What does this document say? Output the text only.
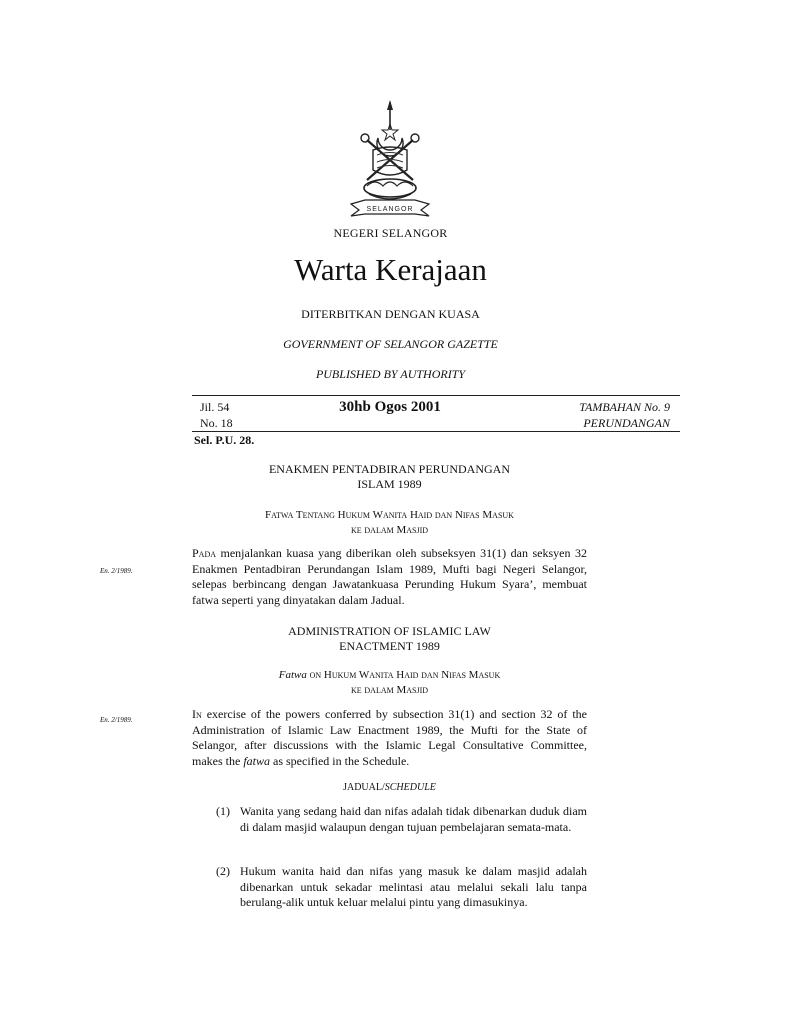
SELANGOR
NEGERI SELANGOR
Warta Kerajaan
DITERBITKAN DENGAN KUASA
GOVERNMENT OF SELANGOR GAZETTE
PUBLISHED BY AUTHORITY
Jil. 54
No. 18
30hb Ogos 2001	TAMBAHAN No. 9
PERUNDANGAN
Sel. P.U. 28.
ENAKMEN PENTADBIRAN PERUNDANGAN
ISLAM 1989
Fatwa Tentang Hukum Wanita Haid dan Nifas Masuk
ke dalam Masjid
En. 2/1989.
Pada menjalankan kuasa yang diberikan oleh subseksyen 31(1) dan seksyen 32 Enakmen Pentadbiran Perundangan Islam 1989, Mufti bagi Negeri Selangor, selepas berbincang dengan Jawatankuasa Perunding Hukum Syara’, membuat fatwa seperti yang dinyatakan dalam Jadual.
ADMINISTRATION OF ISLAMIC LAW
ENACTMENT 1989
Fatwa on Hukum Wanita Haid dan Nifas Masuk
ke dalam Masjid
En. 2/1989.	In exercise of the powers conferred by subsection 31(1) and section 32 of the Administration of Islamic Law Enactment 1989, the Mufti for the State of Selangor, after discussions with the Islamic Legal Consultative Committee, makes the fatwa as specified in the Schedule.
JADUAL/SCHEDULE
(1) Wanita yang sedang haid dan nifas adalah tidak dibenarkan duduk diam di dalam masjid walaupun dengan tujuan pembelajaran semata-mata.
(2) Hukum wanita haid dan nifas yang masuk ke dalam masjid adalah dibenarkan untuk sekadar melintasi atau melalui sekali lalu tanpa berulang-alik untuk keluar melalui pintu yang dimasukinya.
